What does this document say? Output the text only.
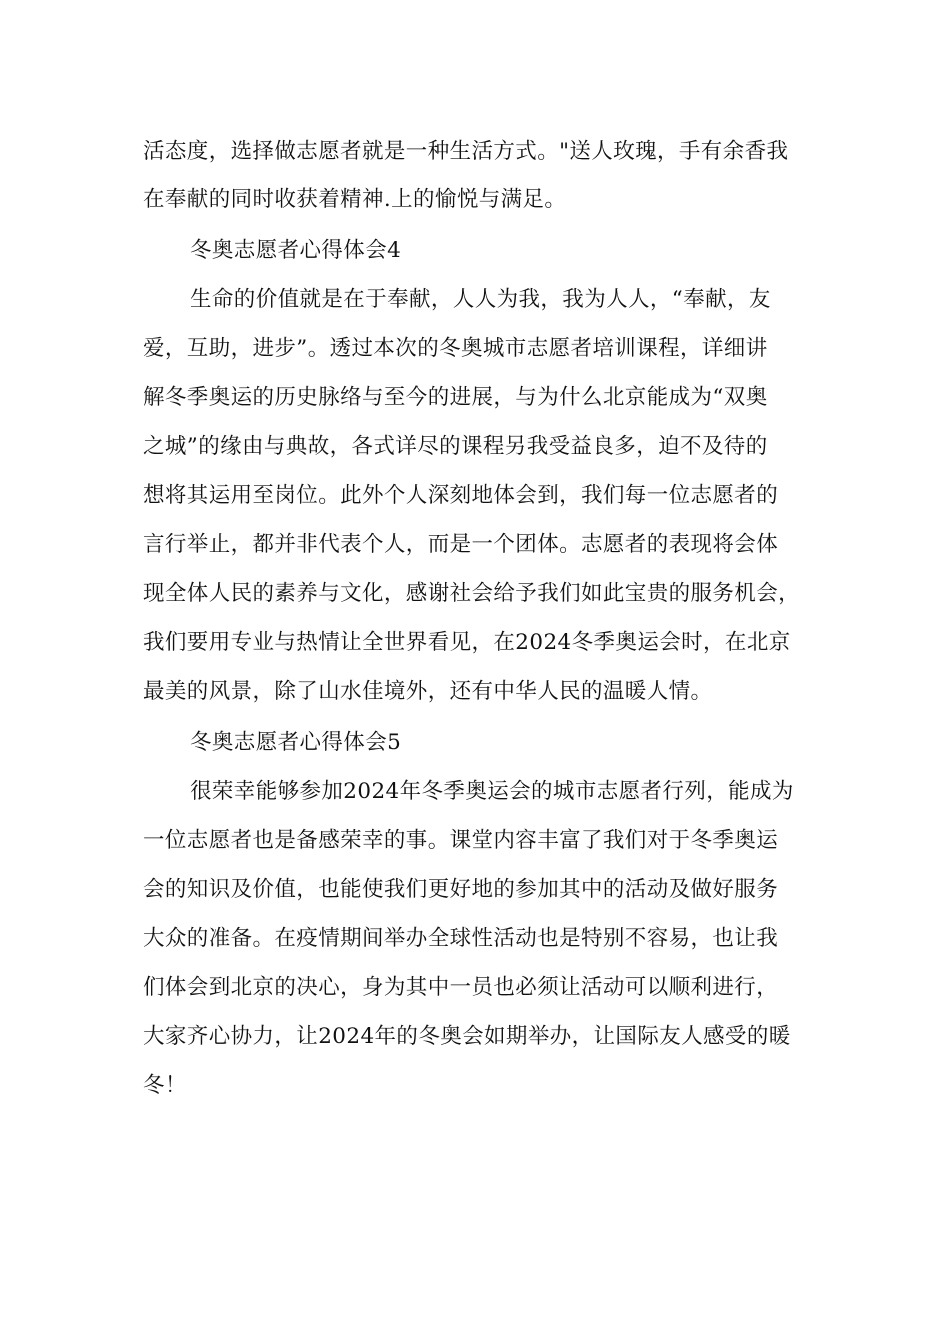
活态度，选择做志愿者就是一种生活方式。"送人玫瑰，手有余香我
在奉献的同时收获着精神.上的愉悦与满足。
冬奥志愿者心得体会4
生命的价值就是在于奉献，人人为我，我为人人，“奉献，友
爱，互助，进步”。透过本次的冬奥城市志愿者培训课程，详细讲
解冬季奥运的历史脉络与至今的进展，与为什么北京能成为“双奥
之城”的缘由与典故，各式详尽的课程另我受益良多，迫不及待的
想将其运用至岗位。此外个人深刻地体会到，我们每一位志愿者的
言行举止，都并非代表个人，而是一个团体。志愿者的表现将会体
现全体人民的素养与文化，感谢社会给予我们如此宝贵的服务机会，
我们要用专业与热情让全世界看见，在2024冬季奥运会时，在北京
最美的风景，除了山水佳境外，还有中华人民的温暖人情。
冬奥志愿者心得体会5
很荣幸能够参加2024年冬季奥运会的城市志愿者行列，能成为
一位志愿者也是备感荣幸的事。课堂内容丰富了我们对于冬季奥运
会的知识及价值，也能使我们更好地的参加其中的活动及做好服务
大众的准备。在疫情期间举办全球性活动也是特别不容易，也让我
们体会到北京的决心，身为其中一员也必须让活动可以顺利进行，
大家齐心协力，让2024年的冬奥会如期举办，让国际友人感受的暖
冬！
